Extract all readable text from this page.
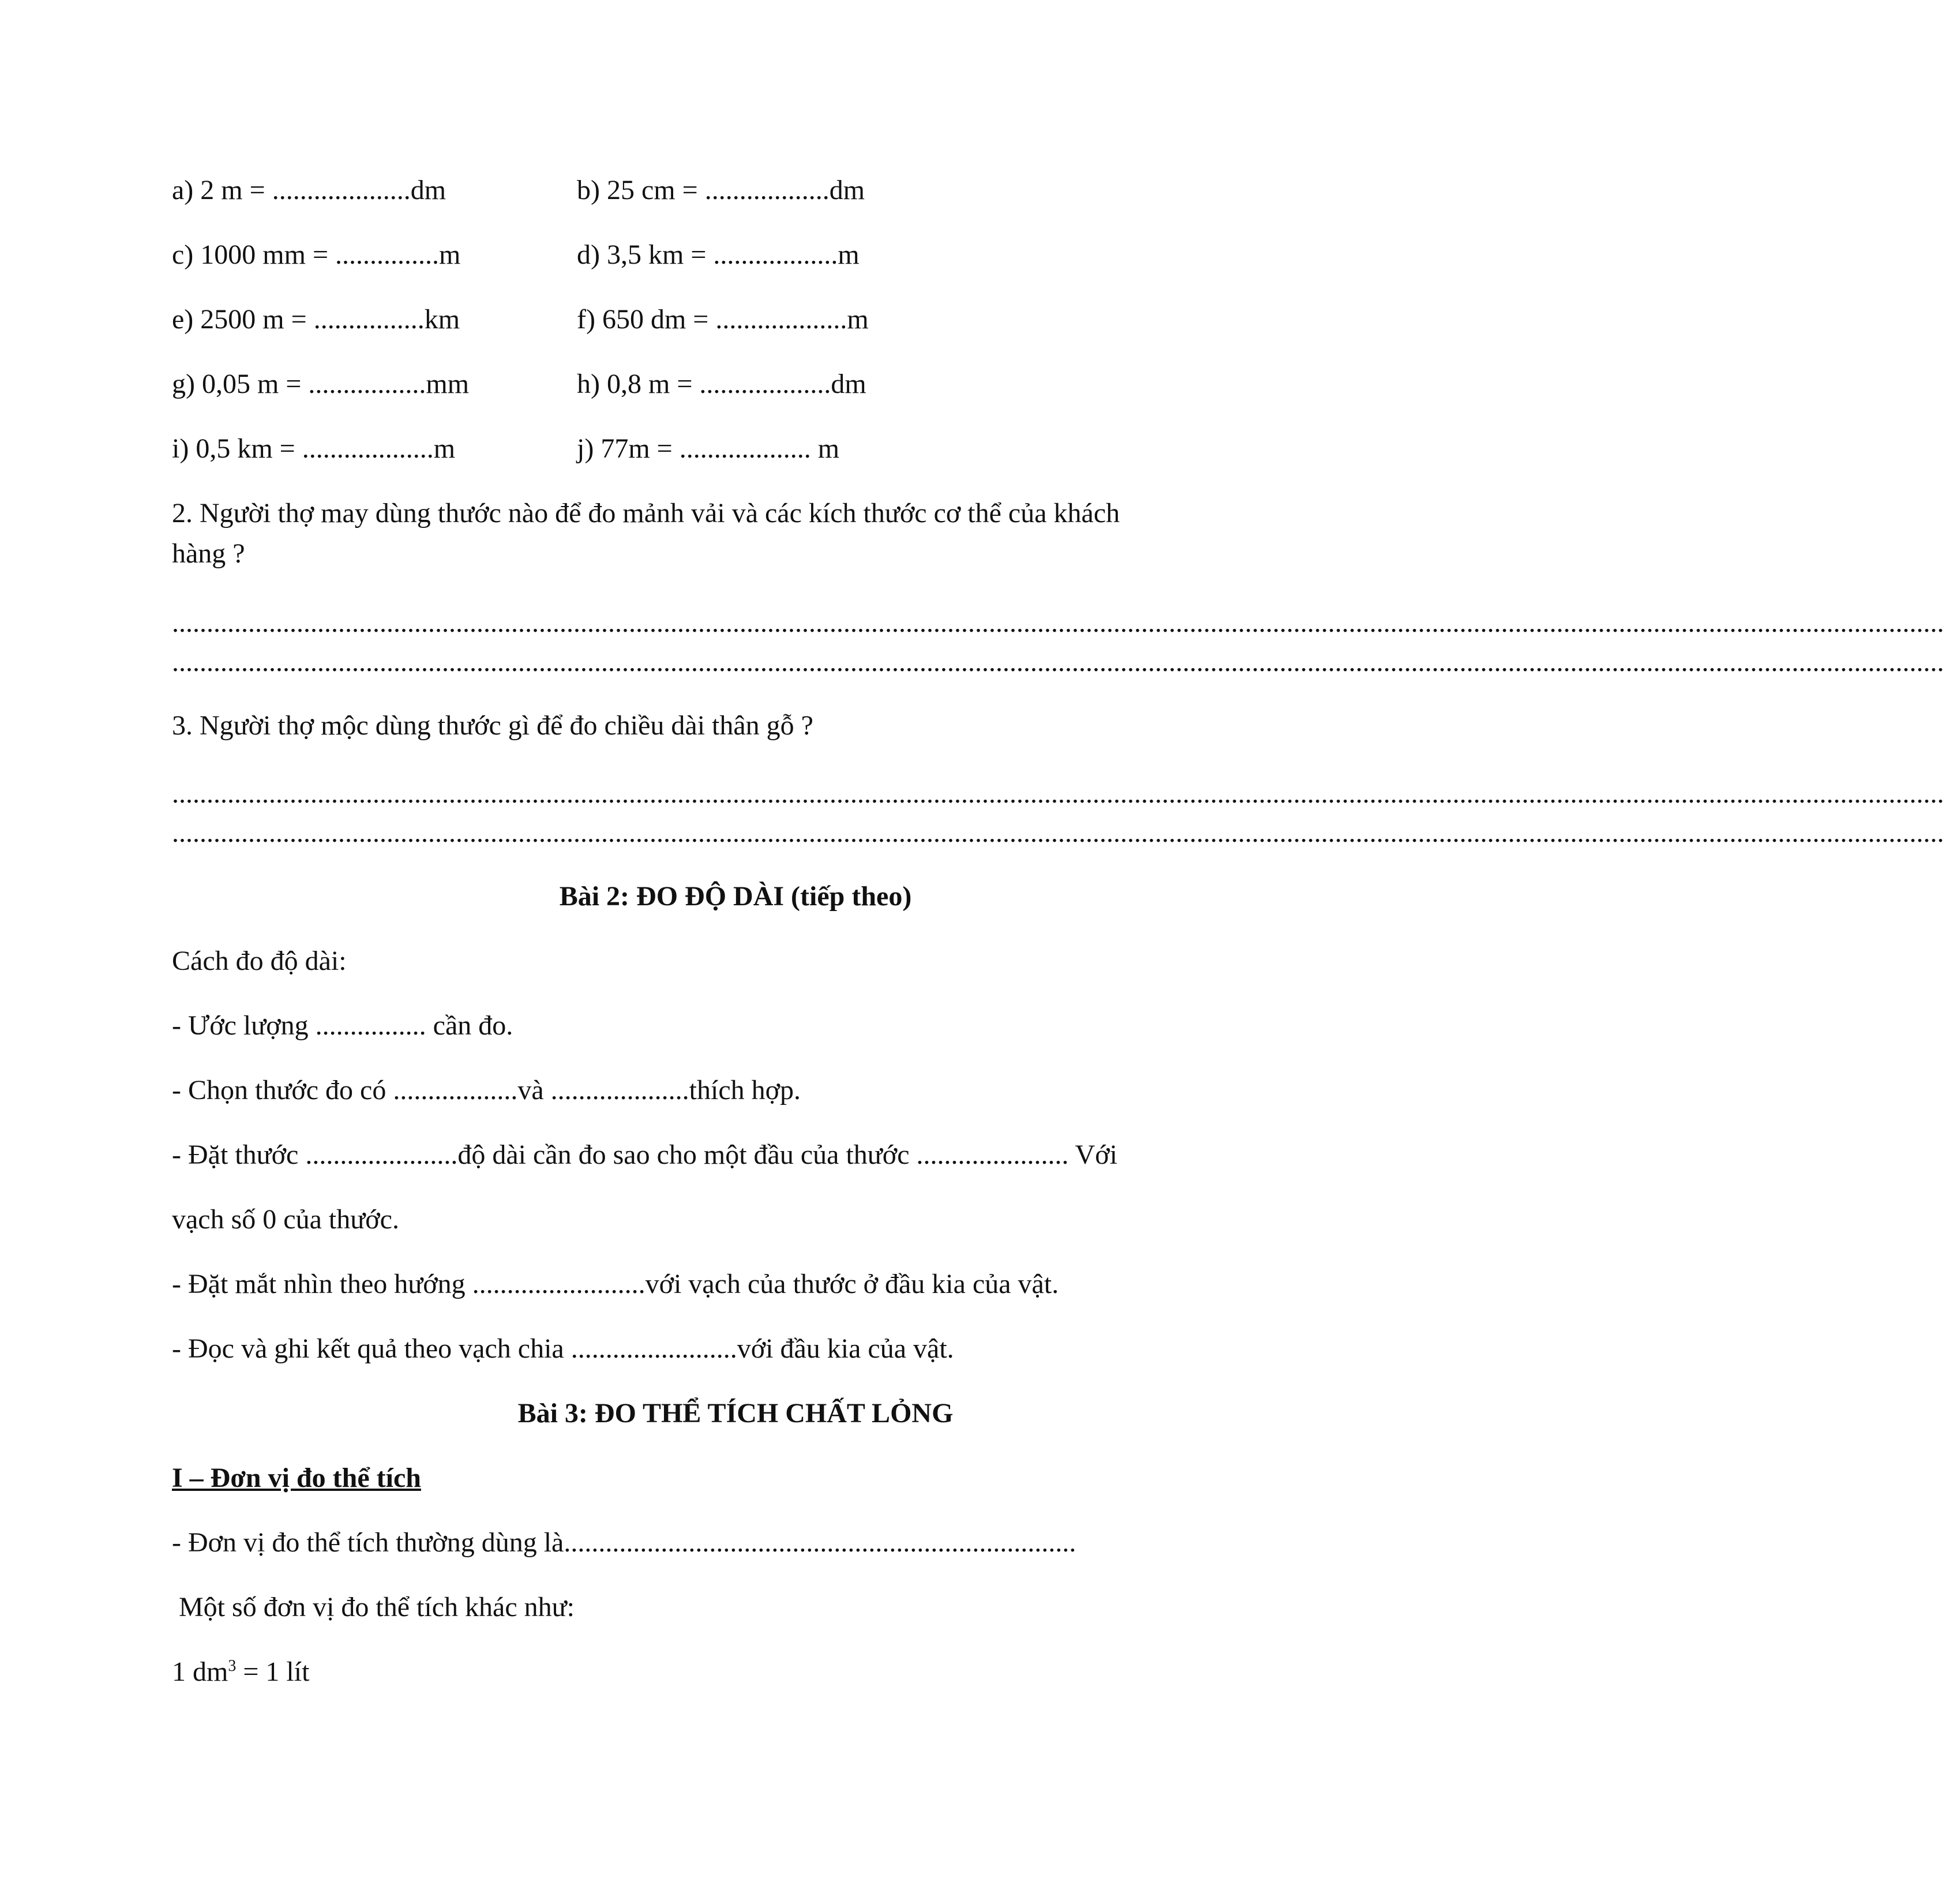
a) 2 m = ....................dm	b) 25 cm = ..................dm
c) 1000 mm = ...............m	d) 3,5 km = ..................m
e) 2500 m = ................km	f) 650 dm = ...................m
g) 0,05 m = .................mm	h) 0,8 m = ...................dm
i) 0,5 km = ...................m	j) 77m = ................... m
2. Người thợ may dùng thước nào để đo mảnh vải và các kích thước cơ thể của khách
hàng ?
................................................................................................................................................................................................................................................................
................................................................................................................................................................................................................................................................
3. Người thợ mộc dùng thước gì để đo chiều dài thân gỗ ?
................................................................................................................................................................................................................................................................
................................................................................................................................................................................................................................................................
Bài 2: ĐO ĐỘ DÀI (tiếp theo)
Cách đo độ dài:
- Ước lượng ................ cần đo.
- Chọn thước đo có ..................và ....................thích hợp.
- Đặt thước ......................độ dài cần đo sao cho một đầu của thước ...................... Với
vạch số 0 của thước.
- Đặt mắt nhìn theo hướng .........................với vạch của thước ở đầu kia của vật.
- Đọc và ghi kết quả theo vạch chia ........................với đầu kia của vật.
Bài 3: ĐO THỂ TÍCH CHẤT LỎNG
I – Đơn vị đo thể tích
- Đơn vị đo thể tích thường dùng là..........................................................................
Một số đơn vị đo thể tích khác như:
1 $dm^3 = 1$ lít
